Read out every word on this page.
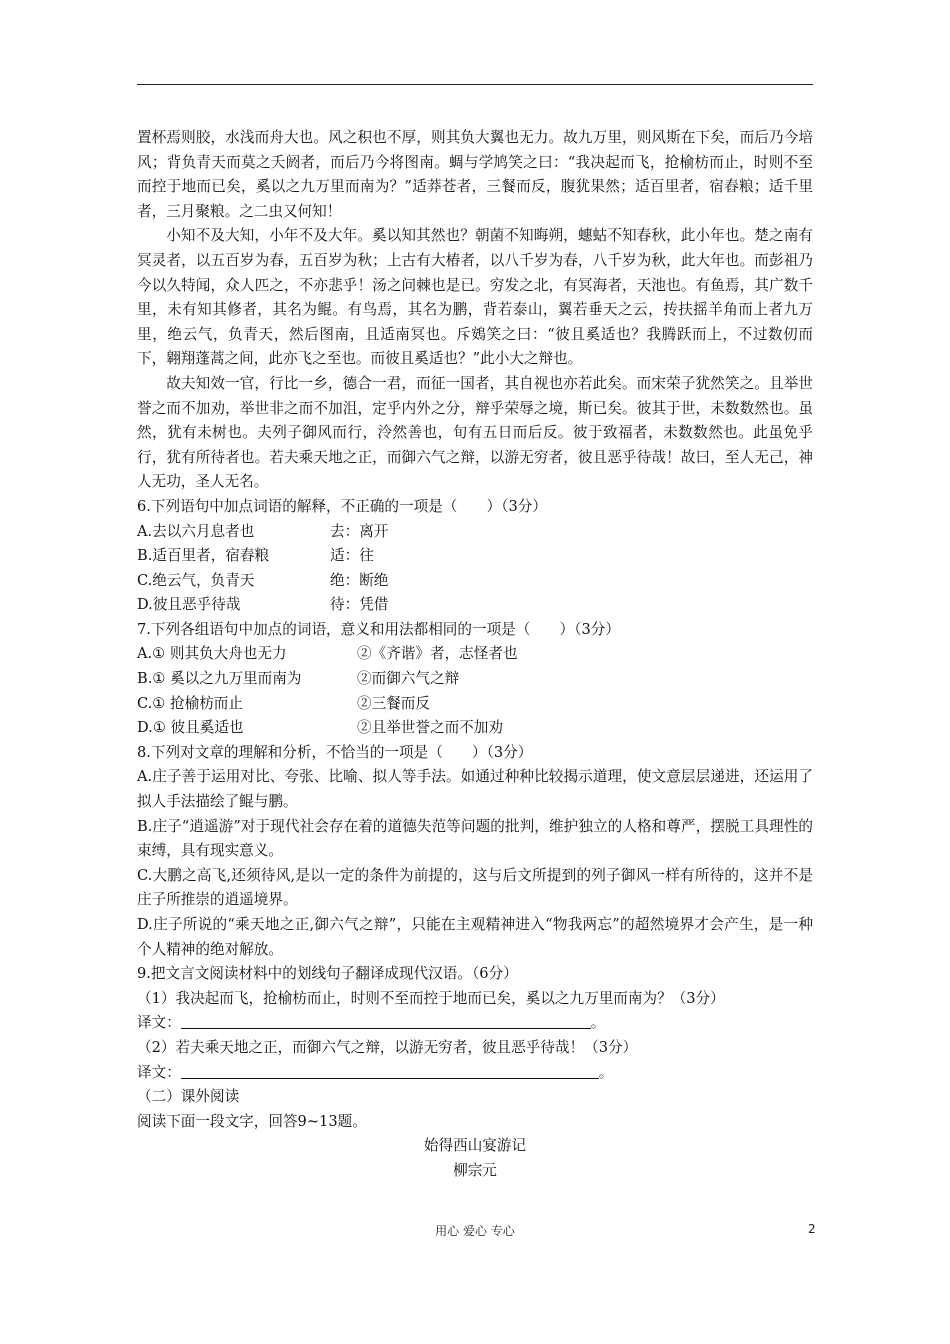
置杯焉则胶，水浅而舟大也。风之积也不厚，则其负大翼也无力。故九万里，则风斯在下矣，而后乃今培风；背负青天而莫之夭阏者，而后乃今将图南。蜩与学鸠笑之曰：“我决起而飞，抢榆枋而止，时则不至而控于地而已矣，奚以之九万里而南为？”适莽苍者，三餐而反，腹犹果然；适百里者，宿舂粮；适千里者，三月聚粮。之二虫又何知！
小知不及大知，小年不及大年。奚以知其然也？朝菌不知晦朔，蟪蛄不知春秋，此小年也。楚之南有冥灵者，以五百岁为春，五百岁为秋；上古有大椿者，以八千岁为春，八千岁为秋，此大年也。而彭祖乃今以久特闻，众人匹之，不亦悲乎！汤之问棘也是已。穷发之北，有冥海者，天池也。有鱼焉，其广数千里，未有知其修者，其名为鲲。有鸟焉，其名为鹏，背若泰山，翼若垂天之云，抟扶摇羊角而上者九万里，绝云气，负青天，然后图南，且适南冥也。斥鴳笑之曰：“彼且奚适也？我腾跃而上，不过数仞而下，翱翔蓬蒿之间，此亦飞之至也。而彼且奚适也？”此小大之辩也。
故夫知效一官，行比一乡，德合一君，而征一国者，其自视也亦若此矣。而宋荣子犹然笑之。且举世誉之而不加劝，举世非之而不加沮，定乎内外之分，辩乎荣辱之境，斯已矣。彼其于世，未数数然也。虽然，犹有未树也。夫列子御风而行，泠然善也，旬有五日而后反。彼于致福者，未数数然也。此虽免乎行，犹有所待者也。若夫乘天地之正，而御六气之辩，以游无穷者，彼且恶乎待哉！故曰，至人无己，神人无功，圣人无名。
6.下列语句中加点词语的解释，不正确的一项是（　　）（3分）
A.去以六月息者也	去：离开
B.适百里者，宿舂粮	适：往
C.绝云气，负青天	绝：断绝
D.彼且恶乎待哉	待：凭借
7.下列各组语句中加点的词语，意义和用法都相同的一项是（　　）（3分）
A.① 则其负大舟也无力	②《齐谐》者，志怪者也
B.① 奚以之九万里而南为	②而御六气之辩
C.① 抢榆枋而止	②三餐而反
D.① 彼且奚适也	②且举世誉之而不加劝
8.下列对文章的理解和分析，不恰当的一项是（　　）（3分）
A.庄子善于运用对比、夸张、比喻、拟人等手法。如通过种种比较揭示道理，使文意层层递进，还运用了拟人手法描绘了鲲与鹏。
B.庄子“逍遥游”对于现代社会存在着的道德失范等问题的批判，维护独立的人格和尊严，摆脱工具理性的束缚，具有现实意义。
C.大鹏之高飞,还须待风,是以一定的条件为前提的，这与后文所提到的列子御风一样有所待的，这并不是庄子所推崇的逍遥境界。
D.庄子所说的“乘天地之正,御六气之辩”，只能在主观精神进入“物我两忘”的超然境界才会产生，是一种个人精神的绝对解放。
9.把文言文阅读材料中的划线句子翻译成现代汉语。（6分）
（1）我决起而飞，抢榆枋而止，时则不至而控于地而已矣，奚以之九万里而南为？（3分）
译文：	。
（2）若夫乘天地之正，而御六气之辩，以游无穷者，彼且恶乎待哉！（3分）
译文：	。
（二）课外阅读
阅读下面一段文字，回答9~13题。
始得西山宴游记
柳宗元
用心 爱心 专心	2
